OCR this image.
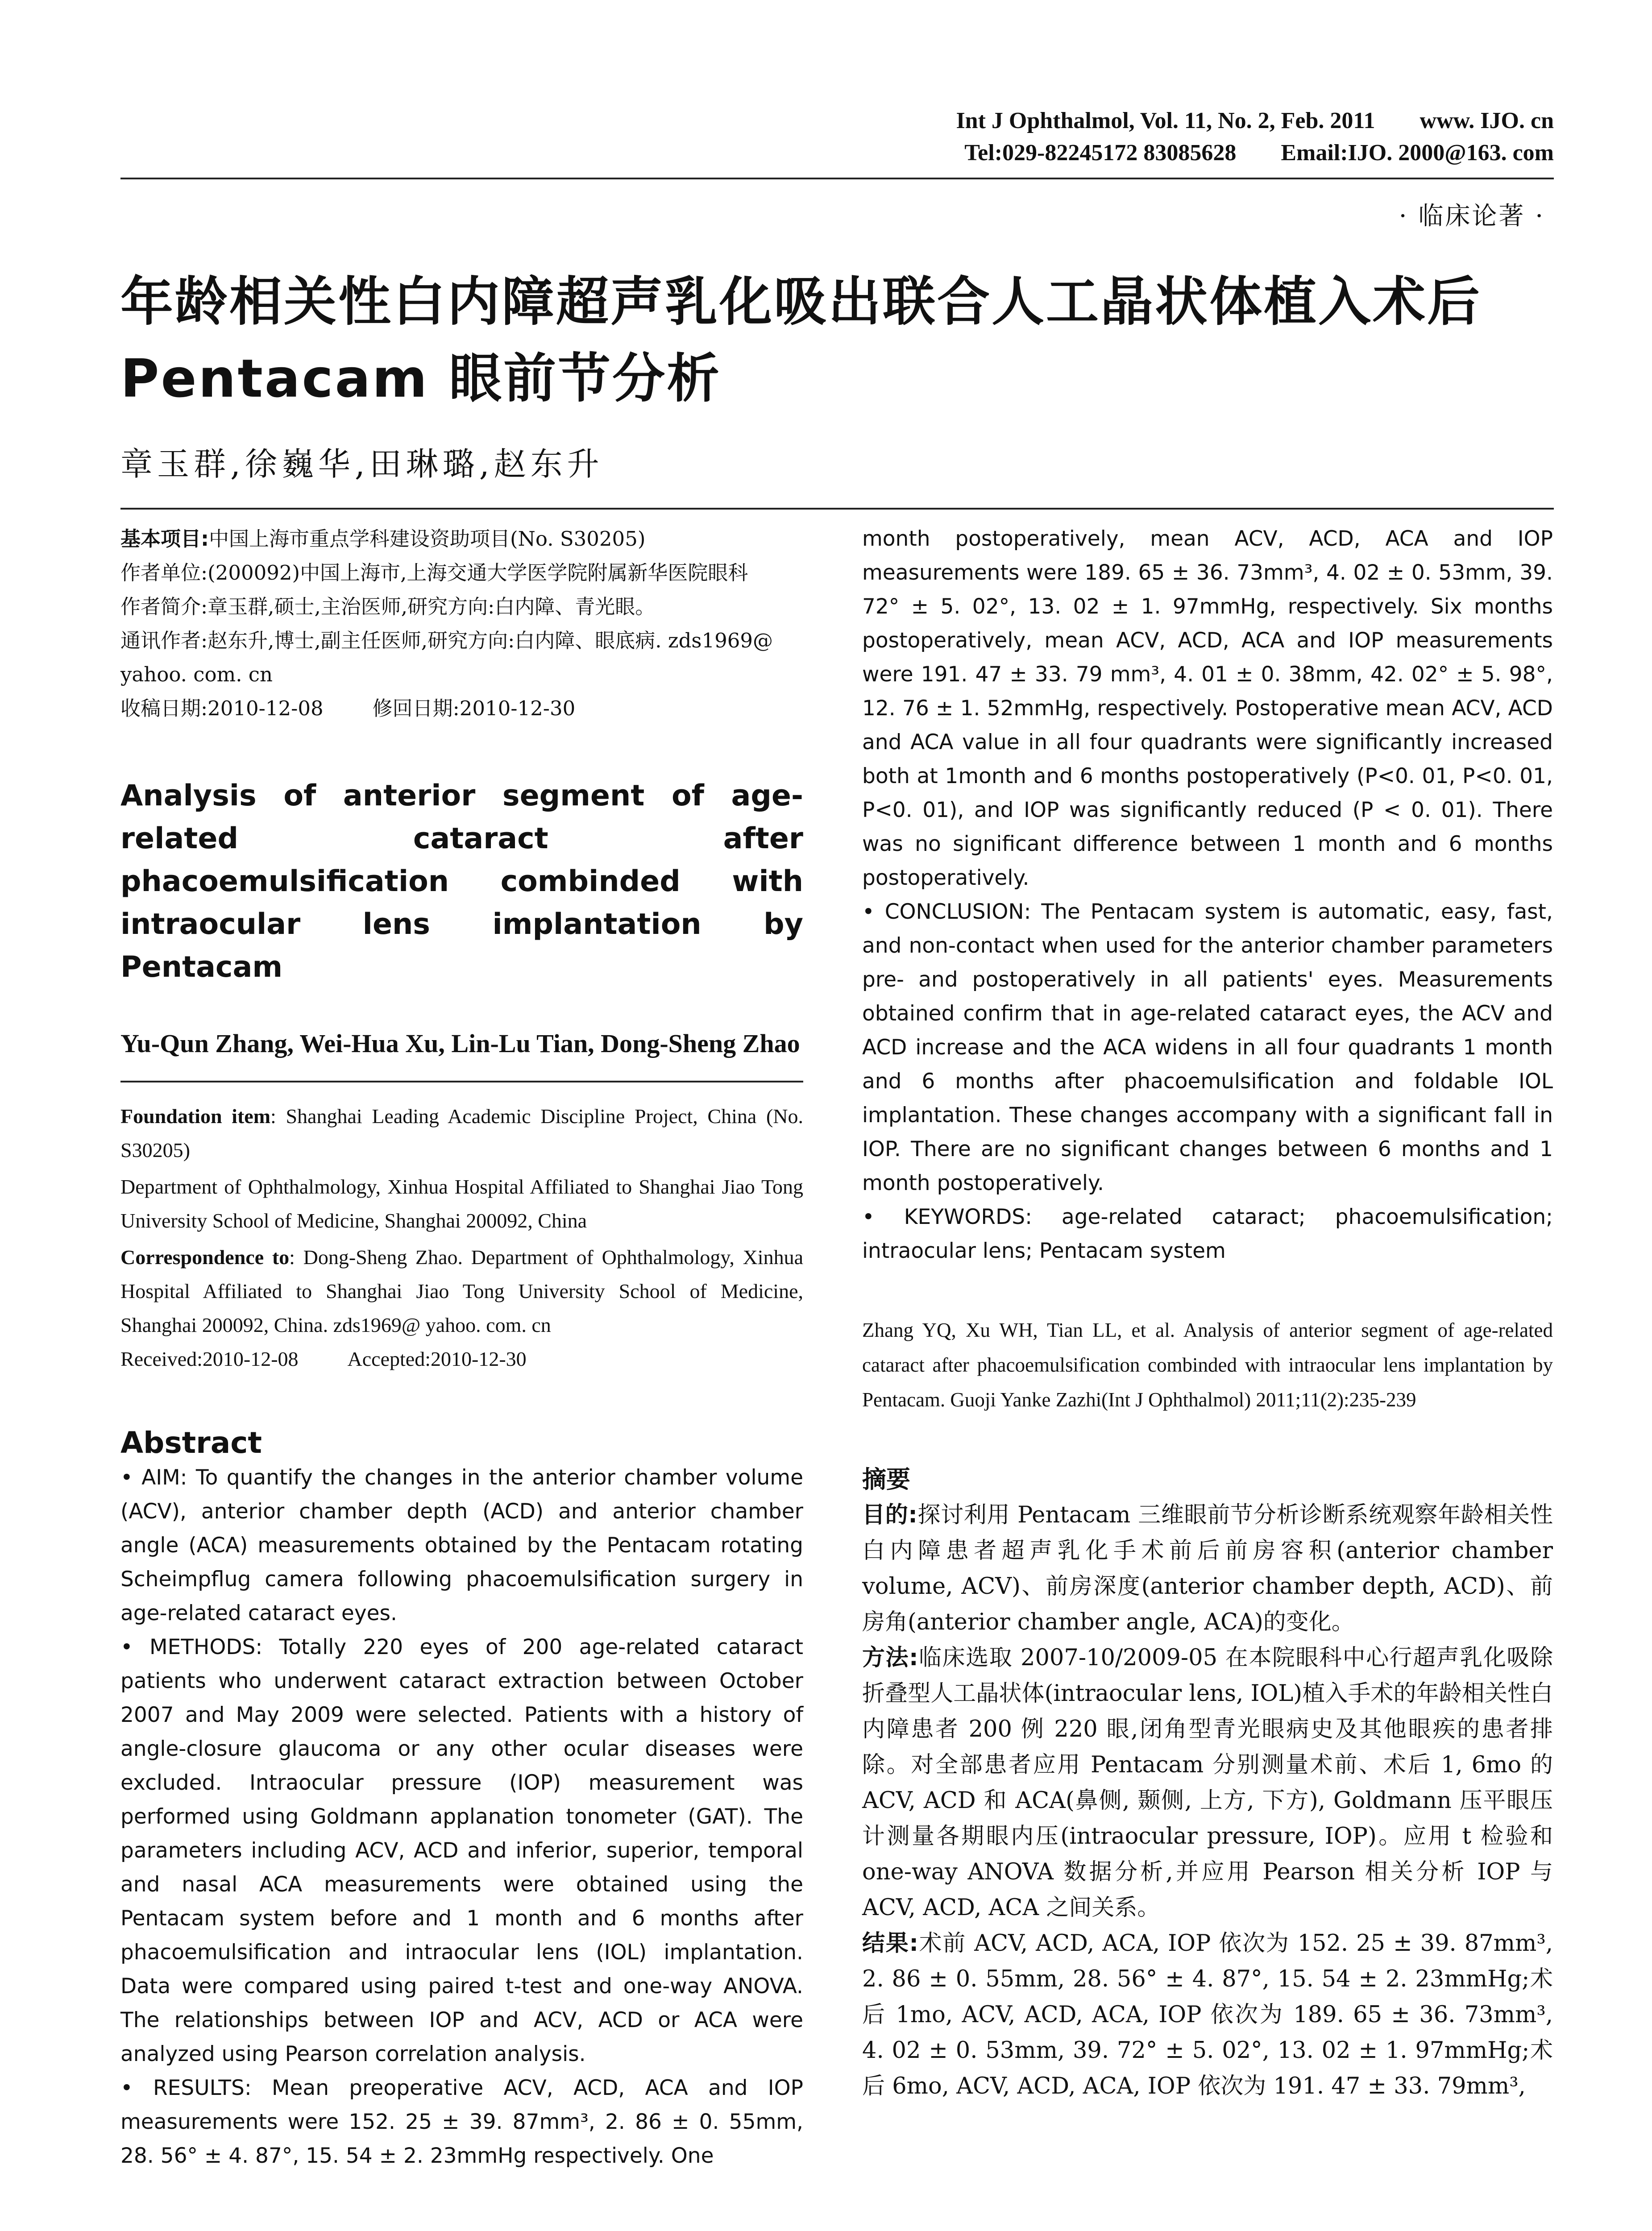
Int J Ophthalmol, Vol. 11, No. 2, Feb. 2011 www. IJO. cn
Tel:029-82245172 83085628 Email:IJO. 2000@163. com
· 临床论著 ·
年龄相关性白内障超声乳化吸出联合人工晶状体植入术后 Pentacam 眼前节分析
章玉群,徐巍华,田琳璐,赵东升

基本项目:中国上海市重点学科建设资助项目(No. S30205)

作者单位:(200092)中国上海市,上海交通大学医学院附属新华医院眼科

作者简介:章玉群,硕士,主治医师,研究方向:白内障、青光眼。

通讯作者:赵东升,博士,副主任医师,研究方向:白内障、眼底病. zds1969@ yahoo. com. cn

收稿日期:2010-12-08 修回日期:2010-12-30

Analysis of anterior segment of age-related cataract after phacoemulsification combinded with intraocular lens implantation by Pentacam
Yu-Qun Zhang, Wei-Hua Xu, Lin-Lu Tian, Dong-Sheng Zhao

Foundation item: Shanghai Leading Academic Discipline Project, China (No. S30205)

Department of Ophthalmology, Xinhua Hospital Affiliated to Shanghai Jiao Tong University School of Medicine, Shanghai 200092, China

Correspondence to: Dong-Sheng Zhao. Department of Ophthalmology, Xinhua Hospital Affiliated to Shanghai Jiao Tong University School of Medicine, Shanghai 200092, China. zds1969@ yahoo. com. cn

Received:2010-12-08 Accepted:2010-12-30

Abstract

• AIM: To quantify the changes in the anterior chamber volume (ACV), anterior chamber depth (ACD) and anterior chamber angle (ACA) measurements obtained by the Pentacam rotating Scheimpflug camera following phacoemulsification surgery in age-related cataract eyes.

• METHODS: Totally 220 eyes of 200 age-related cataract patients who underwent cataract extraction between October 2007 and May 2009 were selected. Patients with a history of angle-closure glaucoma or any other ocular diseases were excluded. Intraocular pressure (IOP) measurement was performed using Goldmann applanation tonometer (GAT). The parameters including ACV, ACD and inferior, superior, temporal and nasal ACA measurements were obtained using the Pentacam system before and 1 month and 6 months after phacoemulsification and intraocular lens (IOL) implantation. Data were compared using paired t-test and one-way ANOVA. The relationships between IOP and ACV, ACD or ACA were analyzed using Pearson correlation analysis.

• RESULTS: Mean preoperative ACV, ACD, ACA and IOP measurements were 152. 25 ± 39. 87mm³, 2. 86 ± 0. 55mm, 28. 56° ± 4. 87°, 15. 54 ± 2. 23mmHg respectively. One

month postoperatively, mean ACV, ACD, ACA and IOP measurements were 189. 65 ± 36. 73mm³, 4. 02 ± 0. 53mm, 39. 72° ± 5. 02°, 13. 02 ± 1. 97mmHg, respectively. Six months postoperatively, mean ACV, ACD, ACA and IOP measurements were 191. 47 ± 33. 79 mm³, 4. 01 ± 0. 38mm, 42. 02° ± 5. 98°, 12. 76 ± 1. 52mmHg, respectively. Postoperative mean ACV, ACD and ACA value in all four quadrants were significantly increased both at 1month and 6 months postoperatively (P<0. 01, P<0. 01, P<0. 01), and IOP was significantly reduced (P < 0. 01). There was no significant difference between 1 month and 6 months postoperatively.

• CONCLUSION: The Pentacam system is automatic, easy, fast, and non-contact when used for the anterior chamber parameters pre- and postoperatively in all patients' eyes. Measurements obtained confirm that in age-related cataract eyes, the ACV and ACD increase and the ACA widens in all four quadrants 1 month and 6 months after phacoemulsification and foldable IOL implantation. These changes accompany with a significant fall in IOP. There are no significant changes between 6 months and 1 month postoperatively.

• KEYWORDS: age-related cataract; phacoemulsification; intraocular lens; Pentacam system

Zhang YQ, Xu WH, Tian LL, et al. Analysis of anterior segment of age-related cataract after phacoemulsification combinded with intraocular lens implantation by Pentacam. Guoji Yanke Zazhi(Int J Ophthalmol) 2011;11(2):235-239
摘要

目的:探讨利用 Pentacam 三维眼前节分析诊断系统观察年龄相关性白内障患者超声乳化手术前后前房容积(anterior chamber volume, ACV)、前房深度(anterior chamber depth, ACD)、前房角(anterior chamber angle, ACA)的变化。

方法:临床选取 2007-10/2009-05 在本院眼科中心行超声乳化吸除折叠型人工晶状体(intraocular lens, IOL)植入手术的年龄相关性白内障患者 200 例 220 眼,闭角型青光眼病史及其他眼疾的患者排除。对全部患者应用 Pentacam 分别测量术前、术后 1, 6mo 的 ACV, ACD 和 ACA(鼻侧, 颞侧, 上方, 下方), Goldmann 压平眼压计测量各期眼内压(intraocular pressure, IOP)。应用 t 检验和 one-way ANOVA 数据分析,并应用 Pearson 相关分析 IOP 与 ACV, ACD, ACA 之间关系。

结果:术前 ACV, ACD, ACA, IOP 依次为 152. 25 ± 39. 87mm³, 2. 86 ± 0. 55mm, 28. 56° ± 4. 87°, 15. 54 ± 2. 23mmHg;术后 1mo, ACV, ACD, ACA, IOP 依次为 189. 65 ± 36. 73mm³, 4. 02 ± 0. 53mm, 39. 72° ± 5. 02°, 13. 02 ± 1. 97mmHg;术后 6mo, ACV, ACD, ACA, IOP 依次为 191. 47 ± 33. 79mm³,
